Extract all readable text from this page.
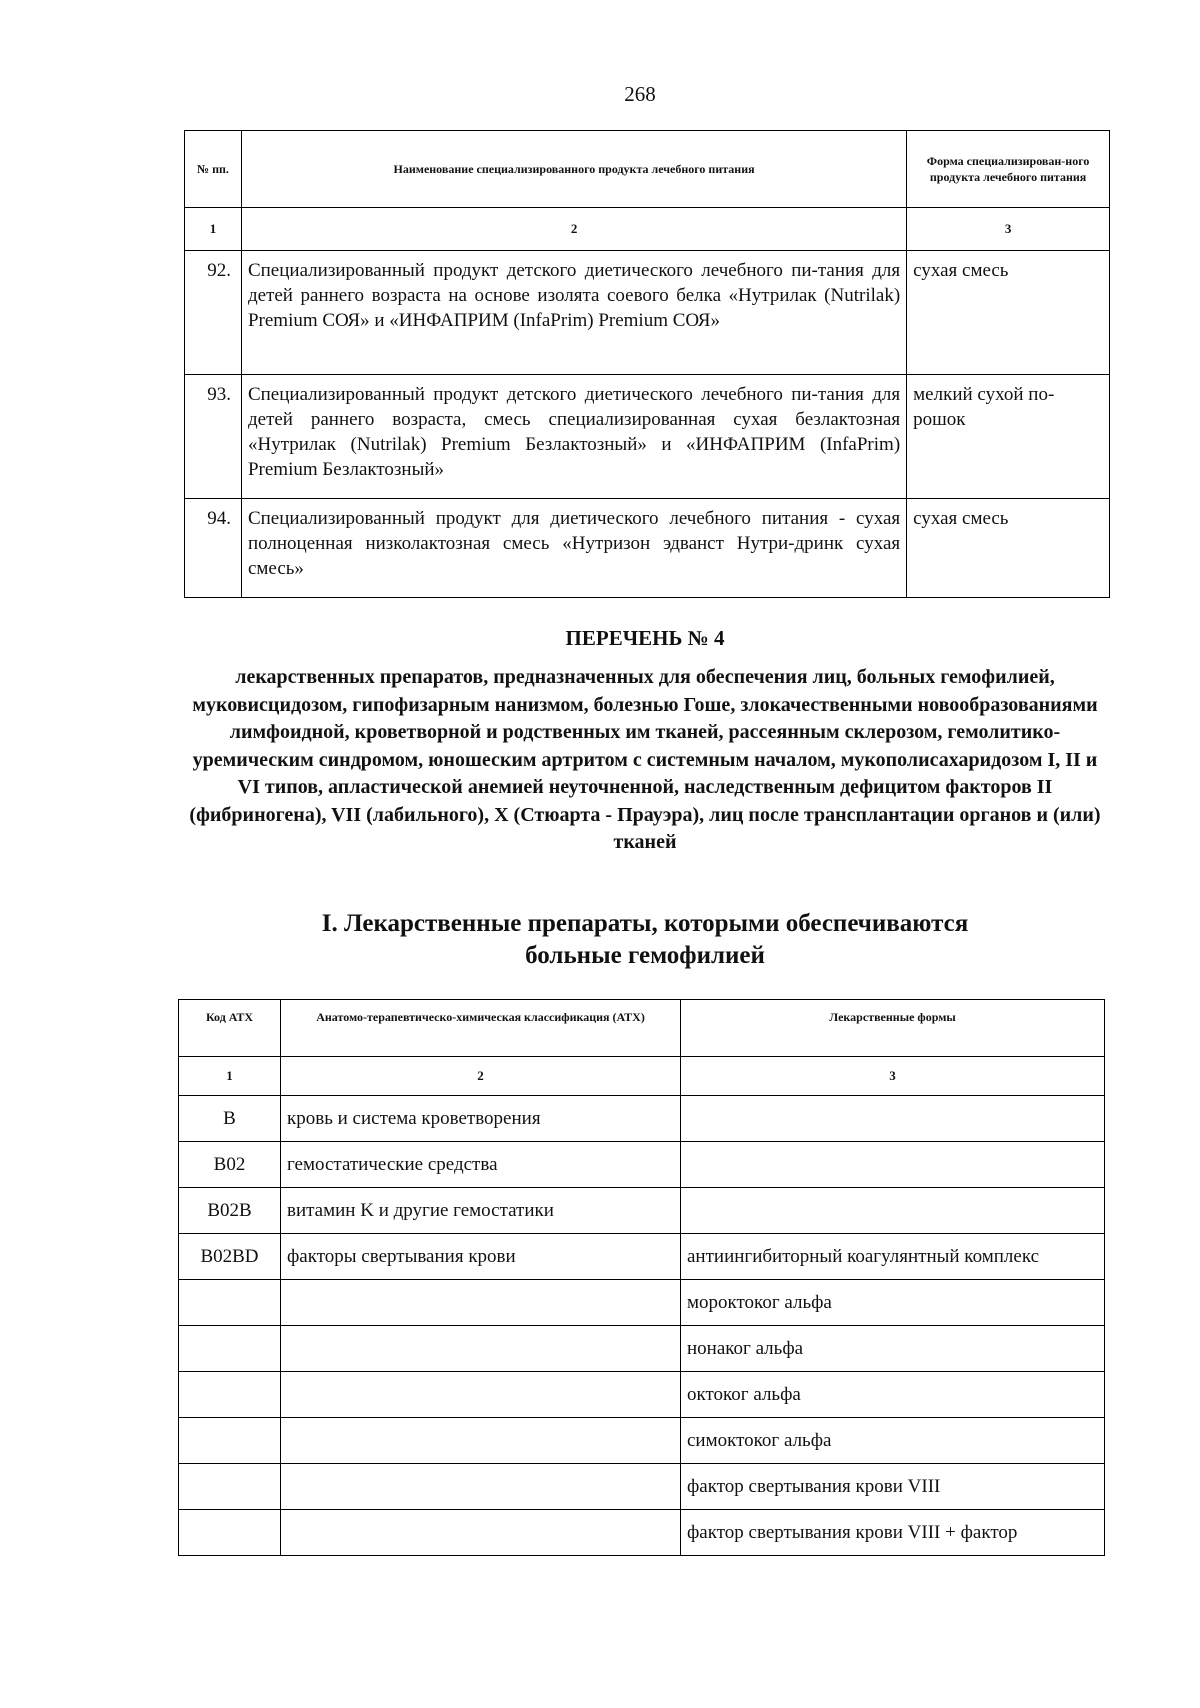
268
№ пп.	Наименование специализированного продукта лечебного питания	Форма специализирован-ного продукта лечебного питания
1	2	3
92.	Специализированный продукт детского диетического лечебного пи-тания для детей раннего возраста на основе изолята соевого белка «Нутрилак (Nutrilak) Premium СОЯ» и «ИНФАПРИМ (InfaPrim) Premium СОЯ»	сухая смесь
93.	Специализированный продукт детского диетического лечебного пи-тания для детей раннего возраста, смесь специализированная сухая безлактозная «Нутрилак (Nutrilak) Premium Безлактозный» и «ИНФАПРИМ (InfaPrim) Premium Безлактозный»	мелкий сухой по-рошок
94.	Специализированный продукт для диетического лечебного питания - сухая полноценная низколактозная смесь «Нутризон эдванст Нутри-дринк сухая смесь»	сухая смесь
ПЕРЕЧЕНЬ № 4
лекарственных препаратов, предназначенных для обеспечения лиц, больных гемофилией, муковисцидозом, гипофизарным нанизмом, болезнью Гоше, злокачественными новообразованиями лимфоидной, кроветворной и родственных им тканей, рассеянным склерозом, гемолитико-уремическим синдромом, юношеским артритом с системным началом, мукополисахаридозом I, II и VI типов, апластической анемией неуточненной, наследственным дефицитом факторов II (фибриногена), VII (лабильного), X (Стюарта - Прауэра), лиц после трансплантации органов и (или) тканей
I. Лекарственные препараты, которыми обеспечиваются
больные гемофилией
Код АТХ	Анатомо-терапевтическо-химическая классификация (АТХ)	Лекарственные формы
1	2	3
B	кровь и система кроветворения	
B02	гемостатические средства	
B02B	витамин K и другие гемостатики	
B02BD	факторы свертывания крови	антиингибиторный коагулянтный комплекс
		мороктоког альфа
		нонаког альфа
		октоког альфа
		симоктоког альфа
		фактор свертывания крови VIII
		фактор свертывания крови VIII + фактор
